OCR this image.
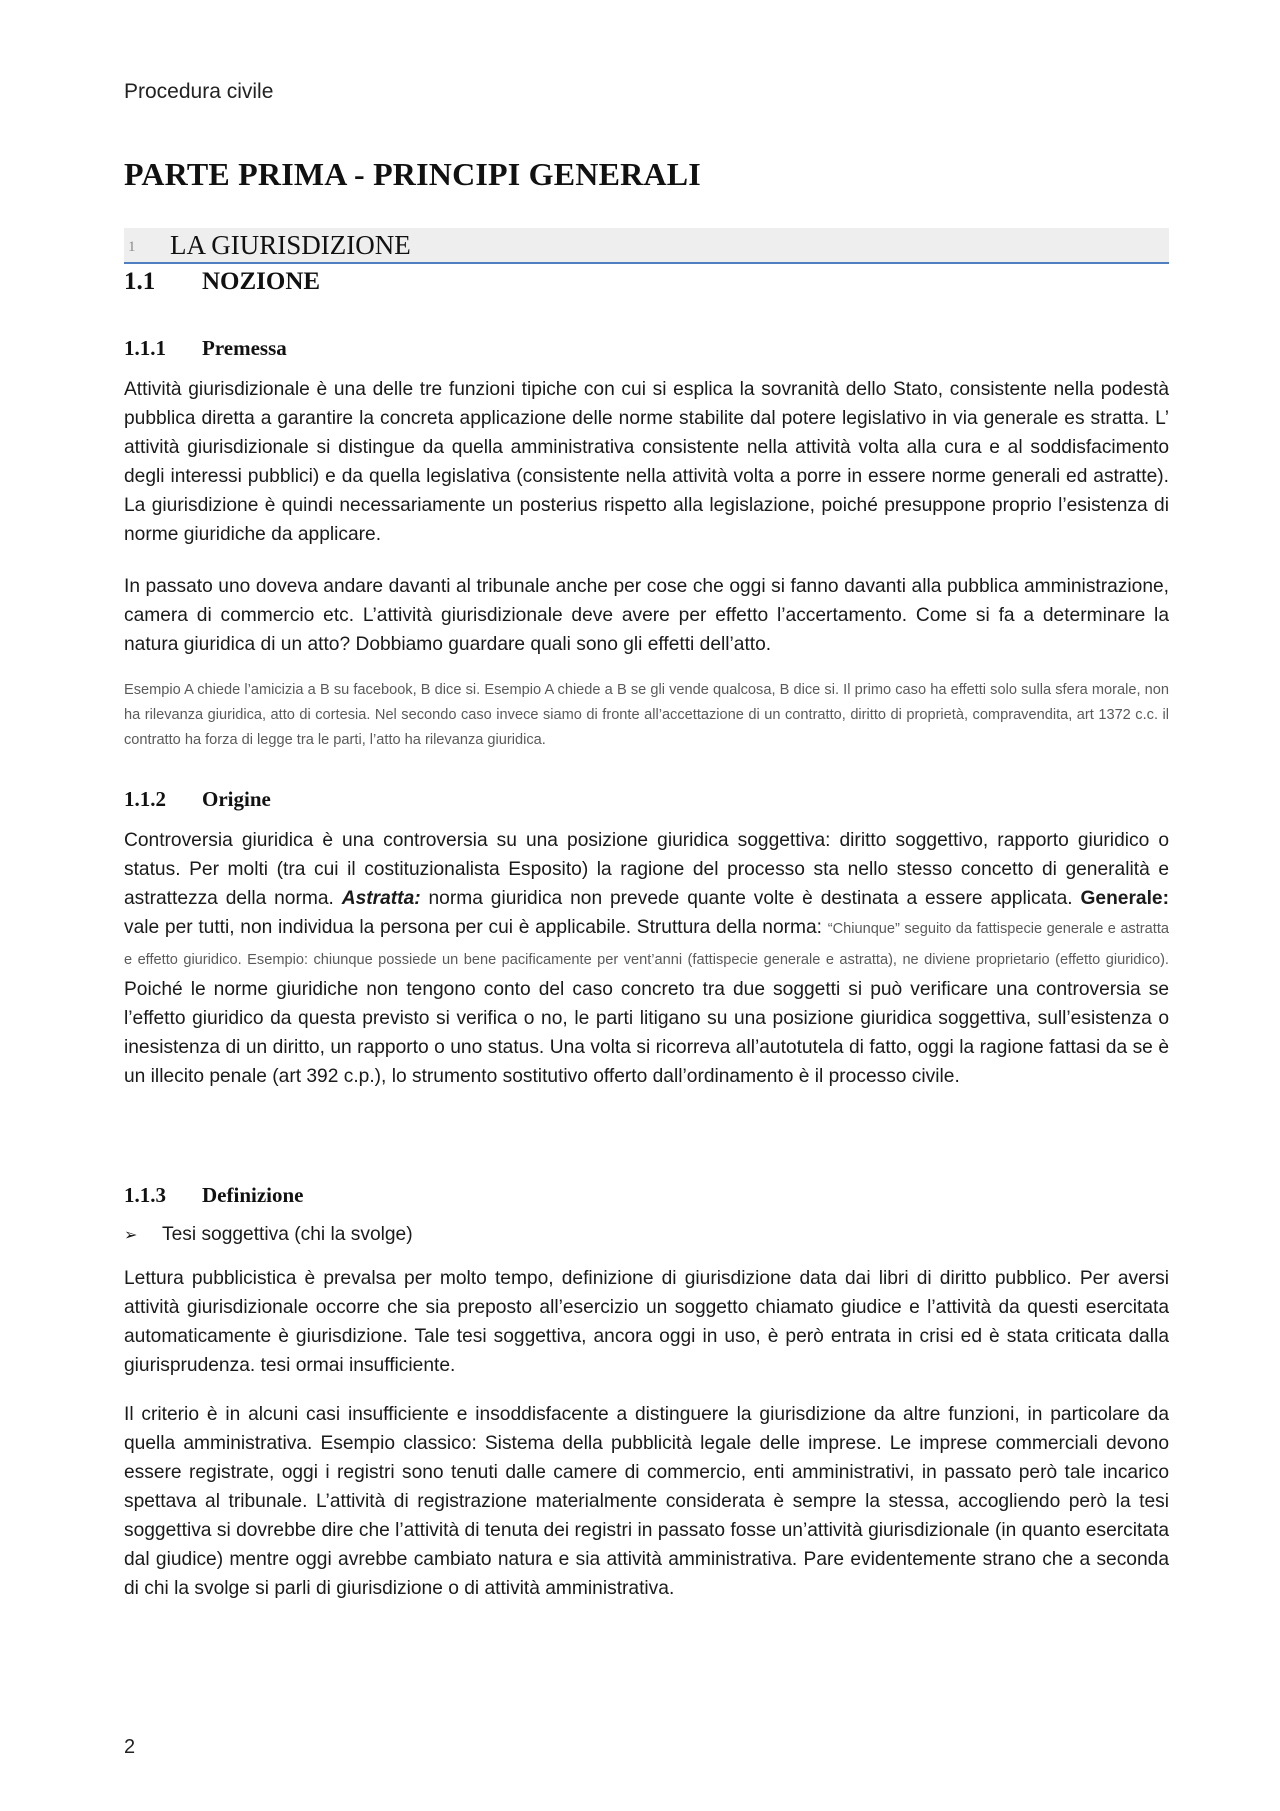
Procedura civile
PARTE PRIMA - PRINCIPI GENERALI
1 LA GIURISDIZIONE
1.1 NOZIONE
1.1.1 Premessa
Attività giurisdizionale è una delle tre funzioni tipiche con cui si esplica la sovranità dello Stato, consistente nella podestà pubblica diretta a garantire la concreta applicazione delle norme stabilite dal potere legislativo in via generale es stratta. L’ attività giurisdizionale si distingue da quella amministrativa consistente nella attività volta alla cura e al soddisfacimento degli interessi pubblici) e da quella legislativa (consistente nella attività volta a porre in essere norme generali ed astratte). La giurisdizione è quindi necessariamente un posterius rispetto alla legislazione, poiché presuppone proprio l’esistenza di norme giuridiche da applicare.
In passato uno doveva andare davanti al tribunale anche per cose che oggi si fanno davanti alla pubblica amministrazione, camera di commercio etc. L’attività giurisdizionale deve avere per effetto l’accertamento. Come si fa a determinare la natura giuridica di un atto? Dobbiamo guardare quali sono gli effetti dell’atto.
Esempio A chiede l’amicizia a B su facebook, B dice si. Esempio A chiede a B se gli vende qualcosa, B dice si. Il primo caso ha effetti solo sulla sfera morale, non ha rilevanza giuridica, atto di cortesia. Nel secondo caso invece siamo di fronte all’accettazione di un contratto, diritto di proprietà, compravendita, art 1372 c.c. il contratto ha forza di legge tra le parti, l’atto ha rilevanza giuridica.
1.1.2 Origine
Controversia giuridica è una controversia su una posizione giuridica soggettiva: diritto soggettivo, rapporto giuridico o status. Per molti (tra cui il costituzionalista Esposito) la ragione del processo sta nello stesso concetto di generalità e astrattezza della norma. Astratta: norma giuridica non prevede quante volte è destinata a essere applicata. Generale: vale per tutti, non individua la persona per cui è applicabile. Struttura della norma: “Chiunque” seguito da fattispecie generale e astratta e effetto giuridico. Esempio: chiunque possiede un bene pacificamente per vent’anni (fattispecie generale e astratta), ne diviene proprietario (effetto giuridico). Poiché le norme giuridiche non tengono conto del caso concreto tra due soggetti si può verificare una controversia se l’effetto giuridico da questa previsto si verifica o no, le parti litigano su una posizione giuridica soggettiva, sull’esistenza o inesistenza di un diritto, un rapporto o uno status. Una volta si ricorreva all’autotutela di fatto, oggi la ragione fattasi da se è un illecito penale (art 392 c.p.), lo strumento sostitutivo offerto dall’ordinamento è il processo civile.
1.1.3 Definizione
➢ Tesi soggettiva (chi la svolge)
Lettura pubblicistica è prevalsa per molto tempo, definizione di giurisdizione data dai libri di diritto pubblico. Per aversi attività giurisdizionale occorre che sia preposto all’esercizio un soggetto chiamato giudice e l’attività da questi esercitata automaticamente è giurisdizione. Tale tesi soggettiva, ancora oggi in uso, è però entrata in crisi ed è stata criticata dalla giurisprudenza. tesi ormai insufficiente.
Il criterio è in alcuni casi insufficiente e insoddisfacente a distinguere la giurisdizione da altre funzioni, in particolare da quella amministrativa. Esempio classico: Sistema della pubblicità legale delle imprese. Le imprese commerciali devono essere registrate, oggi i registri sono tenuti dalle camere di commercio, enti amministrativi, in passato però tale incarico spettava al tribunale. L’attività di registrazione materialmente considerata è sempre la stessa, accogliendo però la tesi soggettiva si dovrebbe dire che l’attività di tenuta dei registri in passato fosse un’attività giurisdizionale (in quanto esercitata dal giudice) mentre oggi avrebbe cambiato natura e sia attività amministrativa. Pare evidentemente strano che a seconda di chi la svolge si parli di giurisdizione o di attività amministrativa.
2
